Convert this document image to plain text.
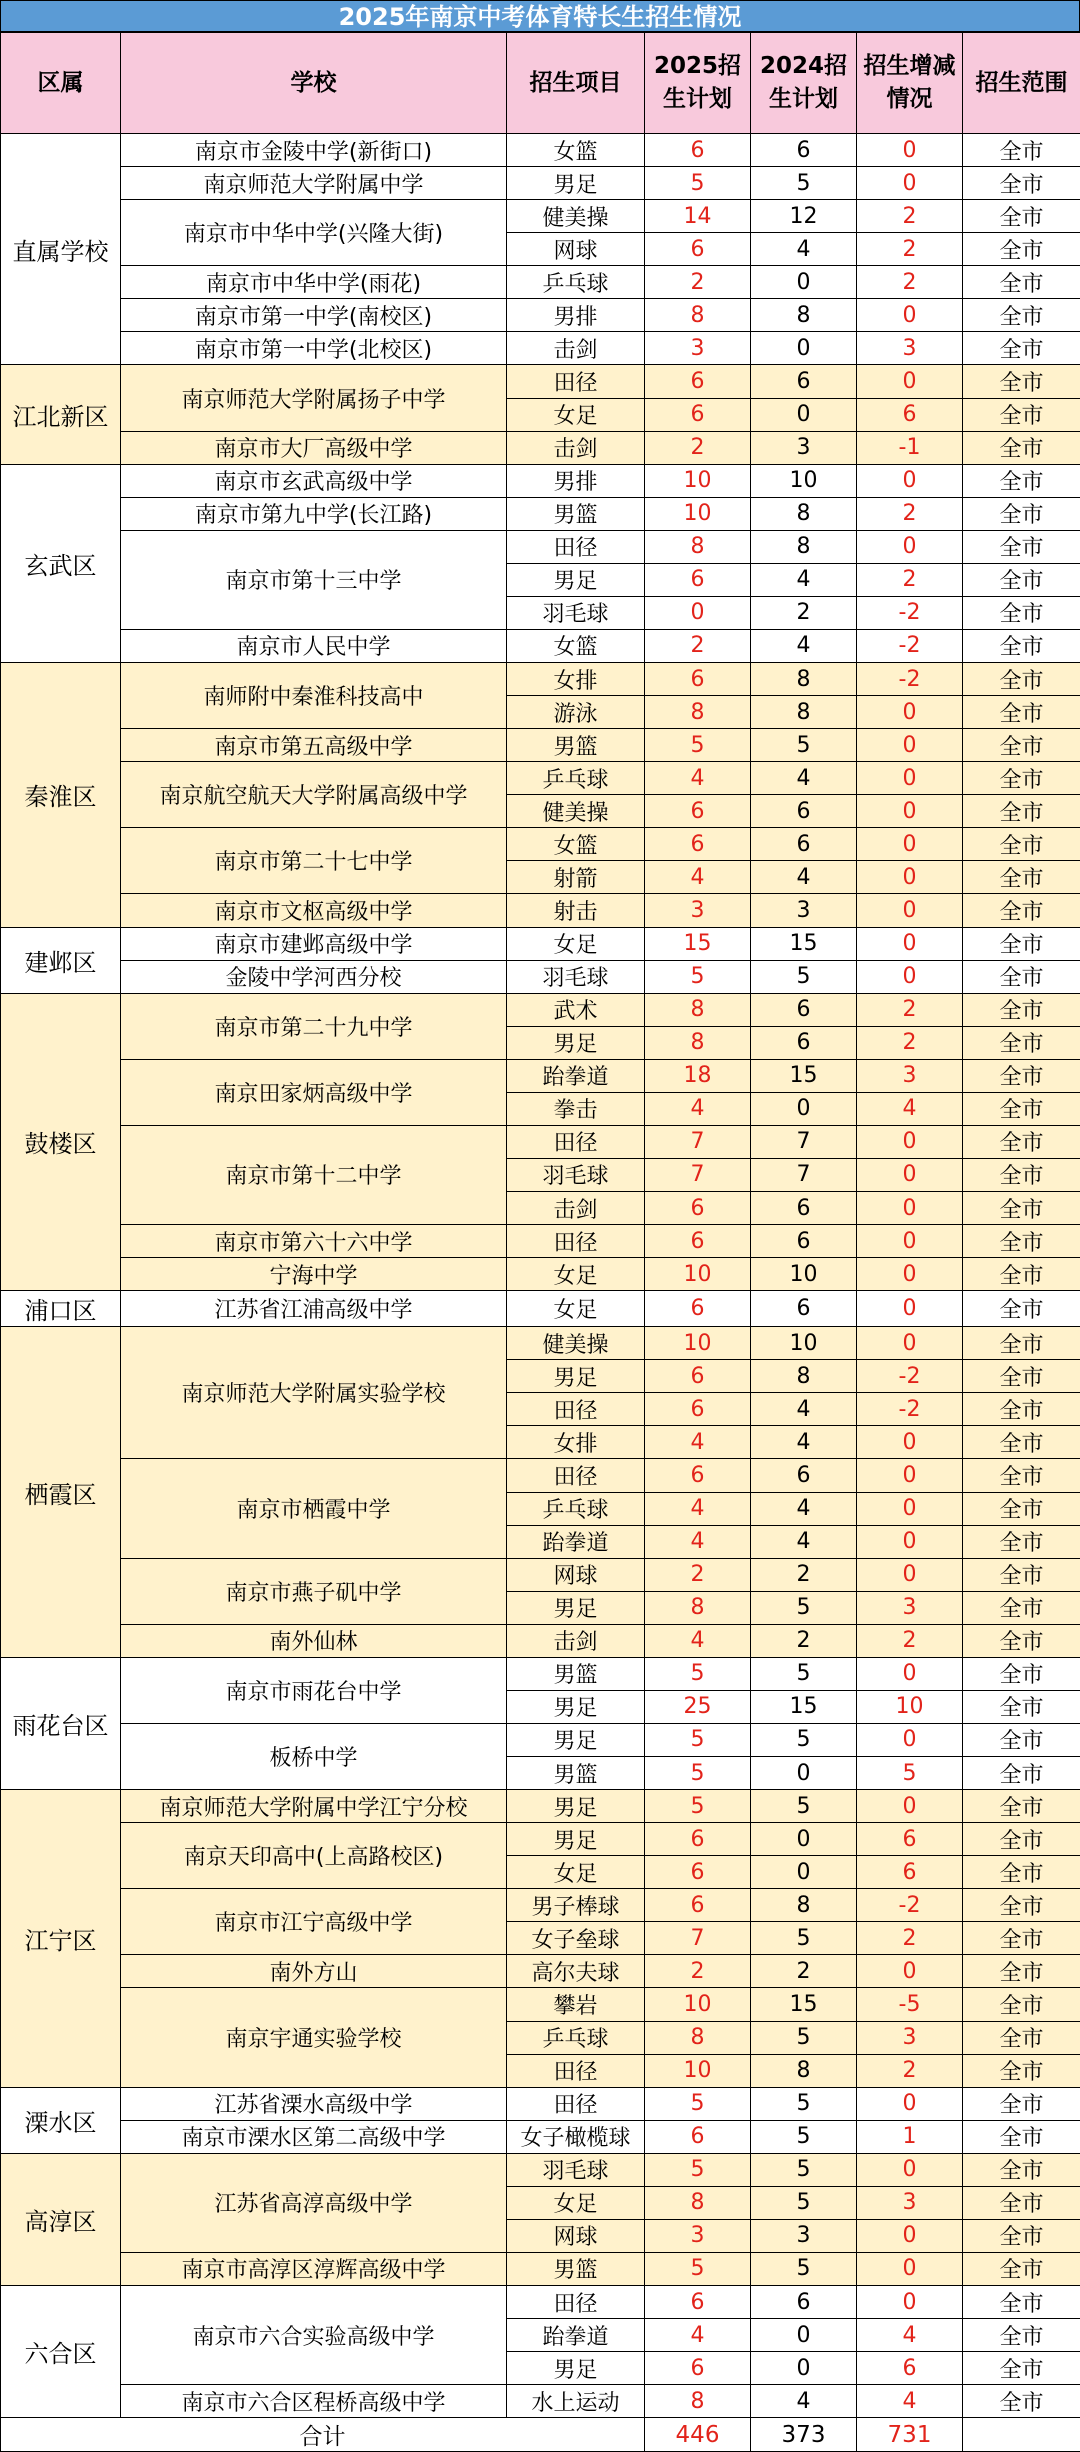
2025年南京中考体育特长生招生情况
区属	学校	招生项目	2025招生计划	2024招生计划	招生增减情况	招生范围
直属学校	南京市金陵中学(新街口)	女篮	6	6	0	全市
	南京师范大学附属中学	男足	5	5	0	全市
	南京市中华中学(兴隆大街)	健美操	14	12	2	全市
		网球	6	4	2	全市
	南京市中华中学(雨花)	乒乓球	2	0	2	全市
	南京市第一中学(南校区)	男排	8	8	0	全市
	南京市第一中学(北校区)	击剑	3	0	3	全市
江北新区	南京师范大学附属扬子中学	田径	6	6	0	全市
		女足	6	0	6	全市
	南京市大厂高级中学	击剑	2	3	-1	全市
玄武区	南京市玄武高级中学	男排	10	10	0	全市
	南京市第九中学(长江路)	男篮	10	8	2	全市
	南京市第十三中学	田径	8	8	0	全市
		男足	6	4	2	全市
		羽毛球	0	2	-2	全市
	南京市人民中学	女篮	2	4	-2	全市
秦淮区	南师附中秦淮科技高中	女排	6	8	-2	全市
		游泳	8	8	0	全市
	南京市第五高级中学	男篮	5	5	0	全市
	南京航空航天大学附属高级中学	乒乓球	4	4	0	全市
		健美操	6	6	0	全市
	南京市第二十七中学	女篮	6	6	0	全市
		射箭	4	4	0	全市
	南京市文枢高级中学	射击	3	3	0	全市
建邺区	南京市建邺高级中学	女足	15	15	0	全市
	金陵中学河西分校	羽毛球	5	5	0	全市
鼓楼区	南京市第二十九中学	武术	8	6	2	全市
		男足	8	6	2	全市
	南京田家炳高级中学	跆拳道	18	15	3	全市
		拳击	4	0	4	全市
	南京市第十二中学	田径	7	7	0	全市
		羽毛球	7	7	0	全市
		击剑	6	6	0	全市
	南京市第六十六中学	田径	6	6	0	全市
	宁海中学	女足	10	10	0	全市
浦口区	江苏省江浦高级中学	女足	6	6	0	全市
栖霞区	南京师范大学附属实验学校	健美操	10	10	0	全市
		男足	6	8	-2	全市
		田径	6	4	-2	全市
		女排	4	4	0	全市
	南京市栖霞中学	田径	6	6	0	全市
		乒乓球	4	4	0	全市
		跆拳道	4	4	0	全市
	南京市燕子矶中学	网球	2	2	0	全市
		男足	8	5	3	全市
	南外仙林	击剑	4	2	2	全市
雨花台区	南京市雨花台中学	男篮	5	5	0	全市
		男足	25	15	10	全市
	板桥中学	男足	5	5	0	全市
		男篮	5	0	5	全市
江宁区	南京师范大学附属中学江宁分校	男足	5	5	0	全市
	南京天印高中(上高路校区)	男足	6	0	6	全市
		女足	6	0	6	全市
	南京市江宁高级中学	男子棒球	6	8	-2	全市
		女子垒球	7	5	2	全市
	南外方山	高尔夫球	2	2	0	全市
	南京宇通实验学校	攀岩	10	15	-5	全市
		乒乓球	8	5	3	全市
		田径	10	8	2	全市
溧水区	江苏省溧水高级中学	田径	5	5	0	全市
	南京市溧水区第二高级中学	女子橄榄球	6	5	1	全市
高淳区	江苏省高淳高级中学	羽毛球	5	5	0	全市
		女足	8	5	3	全市
		网球	3	3	0	全市
	南京市高淳区淳辉高级中学	男篮	5	5	0	全市
六合区	南京市六合实验高级中学	田径	6	6	0	全市
		跆拳道	4	0	4	全市
		男足	6	0	6	全市
	南京市六合区程桥高级中学	水上运动	8	4	4	全市
合计			446	373	731	
